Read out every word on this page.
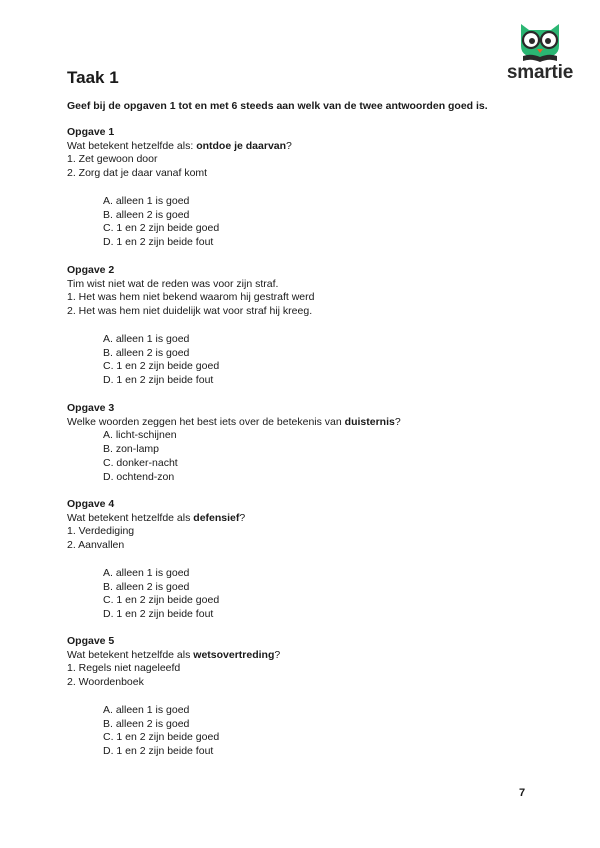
Taak 1	smartie
Geef bij de opgaven 1 tot en met 6 steeds aan welk van de twee antwoorden goed is.
Opgave 1
Wat betekent hetzelfde als: ontdoe je daarvan?
1. Zet gewoon door
2. Zorg dat je daar vanaf komt
A. alleen 1 is goed
B. alleen 2 is goed
C. 1 en 2 zijn beide goed
D. 1 en 2 zijn beide fout
Opgave 2
Tim wist niet wat de reden was voor zijn straf.
1. Het was hem niet bekend waarom hij gestraft werd
2. Het was hem niet duidelijk wat voor straf hij kreeg.
A. alleen 1 is goed
B. alleen 2 is goed
C. 1 en 2 zijn beide goed
D. 1 en 2 zijn beide fout
Opgave 3
Welke woorden zeggen het best iets over de betekenis van duisternis?
A. licht-schijnen
B. zon-lamp
C. donker-nacht
D. ochtend-zon
Opgave 4
Wat betekent hetzelfde als defensief?
1. Verdediging
2. Aanvallen
A. alleen 1 is goed
B. alleen 2 is goed
C. 1 en 2 zijn beide goed
D. 1 en 2 zijn beide fout
Opgave 5
Wat betekent hetzelfde als wetsovertreding?
1. Regels niet nageleefd
2. Woordenboek
A. alleen 1 is goed
B. alleen 2 is goed
C. 1 en 2 zijn beide goed
D. 1 en 2 zijn beide fout
7
